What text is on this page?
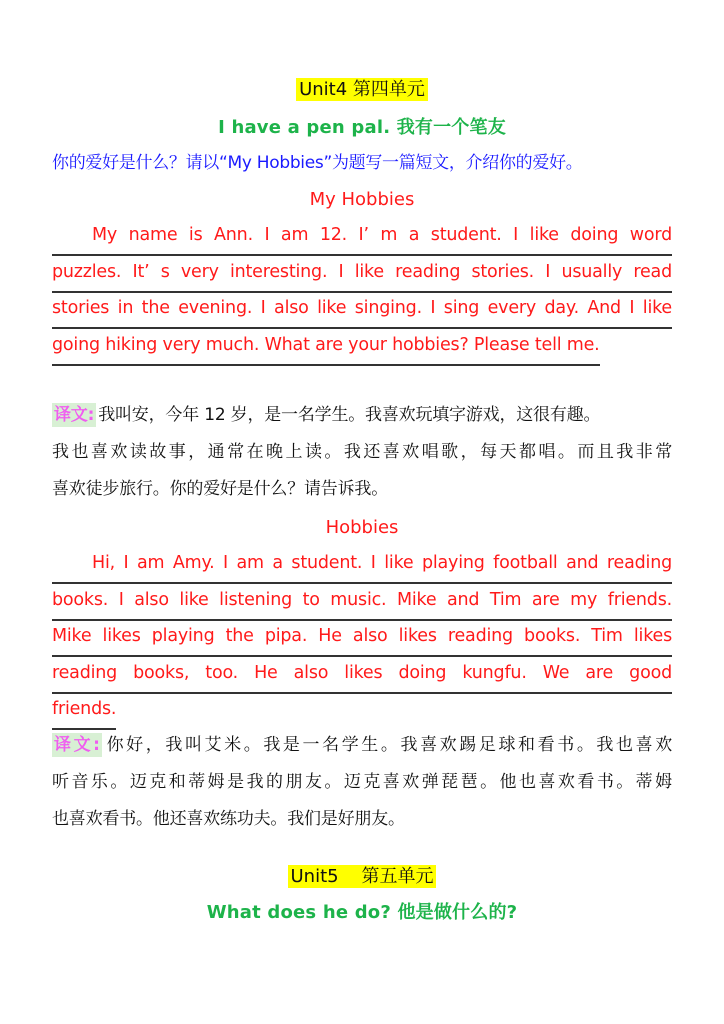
Unit4 第四单元
I have a pen pal. 我有一个笔友
你的爱好是什么？请以“My Hobbies”为题写一篇短文，介绍你的爱好。
My Hobbies
My name is Ann. I am 12. I’ m a student. I like doing word
puzzles. It’ s very interesting. I like reading stories. I usually read
stories in the evening. I also like singing. I sing every day. And I like
going hiking very much. What are your hobbies? Please tell me.
译文: 我叫安，今年 12 岁，是一名学生。我喜欢玩填字游戏，这很有趣。
我也喜欢读故事，通常在晚上读。我还喜欢唱歌，每天都唱。而且我非常
喜欢徒步旅行。你的爱好是什么？请告诉我。
Hobbies
Hi, I am Amy. I am a student. I like playing football and reading
books. I also like listening to music. Mike and Tim are my friends.
Mike likes playing the pipa. He also likes reading books. Tim likes
reading books, too. He also likes doing kungfu. We are good
friends.
译文: 你好，我叫艾米。我是一名学生。我喜欢踢足球和看书。我也喜欢
听音乐。迈克和蒂姆是我的朋友。迈克喜欢弹琵琶。他也喜欢看书。蒂姆
也喜欢看书。他还喜欢练功夫。我们是好朋友。
Unit5    第五单元
What does he do? 他是做什么的?
